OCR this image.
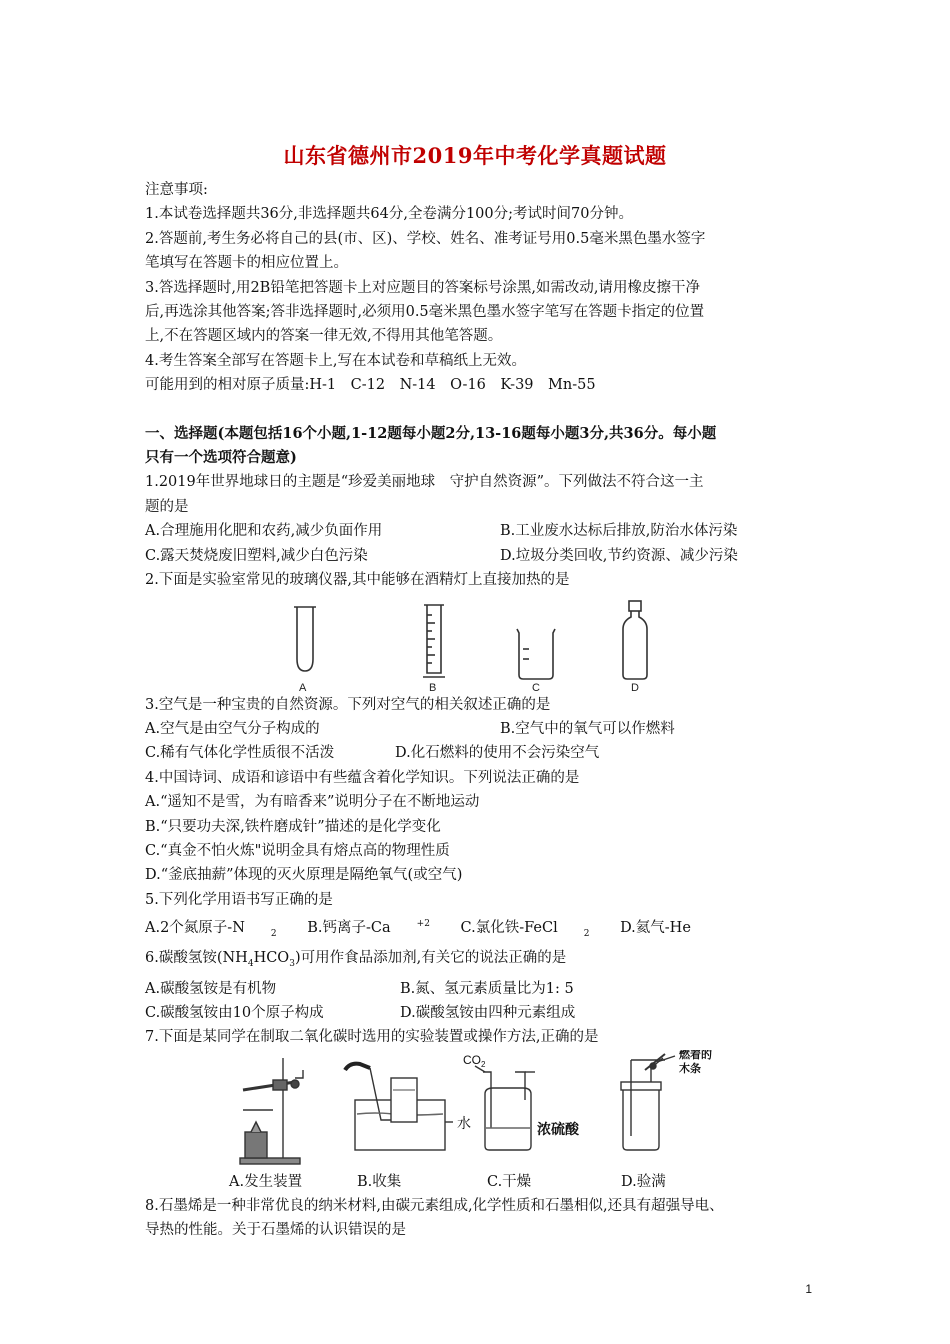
山东省德州市2019年中考化学真题试题
注意事项:
1.本试卷选择题共36分,非选择题共64分,全卷满分100分;考试时间70分钟。
2.答题前,考生务必将自己的县(市、区)、学校、姓名、准考证号用0.5毫米黑色墨水签字
笔填写在答题卡的相应位置上。
3.答选择题时,用2B铅笔把答题卡上对应题目的答案标号涂黑,如需改动,请用橡皮擦干净
后,再选涂其他答案;答非选择题时,必须用0.5毫米黑色墨水签字笔写在答题卡指定的位置
上,不在答题区域内的答案一律无效,不得用其他笔答题。
4.考生答案全部写在答题卡上,写在本试卷和草稿纸上无效。
可能用到的相对原子质量:H-1　C-12　N-14　O-16　K-39　Mn-55
一、选择题(本题包括16个小题,1-12题每小题2分,13-16题每小题3分,共36分。每小题
只有一个选项符合题意)
1.2019年世界地球日的主题是“珍爱美丽地球　守护自然资源”。下列做法不符合这一主
题的是
A.合理施用化肥和农药,减少负面作用	B.工业废水达标后排放,防治水体污染
C.露天焚烧废旧塑料,减少白色污染	D.垃圾分类回收,节约资源、减少污染
2.下面是实验室常见的玻璃仪器,其中能够在酒精灯上直接加热的是
A	B	C	D
3.空气是一种宝贵的自然资源。下列对空气的相关叙述正确的是
A.空气是由空气分子构成的	B.空气中的氧气可以作燃料
C.稀有气体化学性质很不活泼	D.化石燃料的使用不会污染空气
4.中国诗词、成语和谚语中有些蕴含着化学知识。下列说法正确的是
A.“遥知不是雪，为有暗香来”说明分子在不断地运动
B.“只要功夫深,铁杵磨成针”描述的是化学变化
C.“真金不怕火炼"说明金具有熔点高的物理性质
D.“釜底抽薪”体现的灭火原理是隔绝氧气(或空气)
5.下列化学用语书写正确的是
A.2个氮原子-N	$_2$ B.钙离子-Ca	$^{+2}$ C.氯化铁-FeCl	$_2$ D.氦气-He
6.碳酸氢铵$(NH_4HCO_3)$可用作食品添加剂,有关它的说法正确的是
A.碳酸氢铵是有机物	B.氮、氢元素质量比为1: 5
C.碳酸氢铵由10个原子构成	D.碳酸氢铵由四种元素组成
7.下面是某同学在制取二氧化碳时选用的实验装置或操作方法,正确的是
水
$CO_2$
浓硫酸
燃着的
木条
A.发生装置	B.收集	C.干燥	D.验满
8.石墨烯是一种非常优良的纳米材料,由碳元素组成,化学性质和石墨相似,还具有超强导电、
导热的性能。关于石墨烯的认识错误的是
1
